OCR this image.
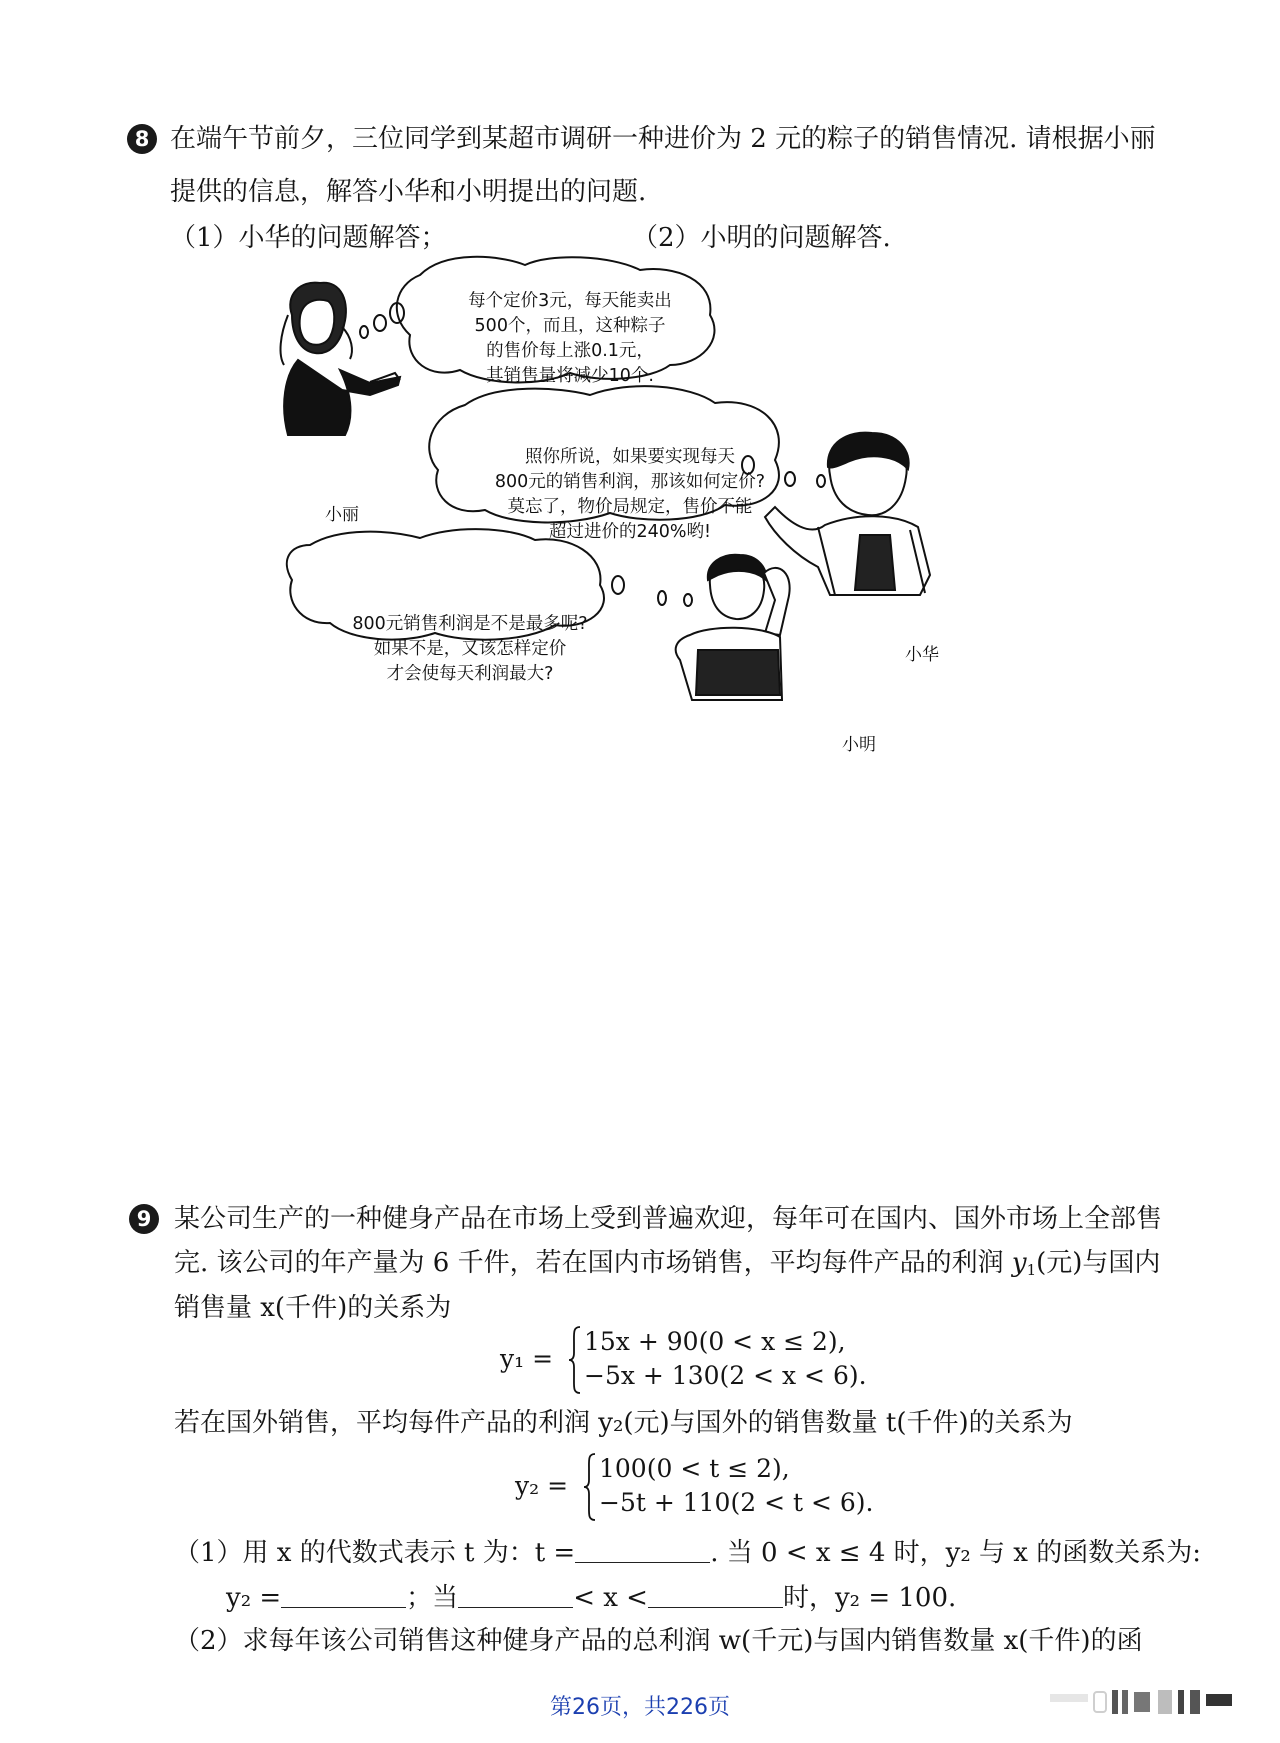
8 在端午节前夕，三位同学到某超市调研一种进价为 2 元的粽子的销售情况. 请根据小丽
提供的信息，解答小华和小明提出的问题.
（1）小华的问题解答；	（2）小明的问题解答.
每个定价3元，每天能卖出
500个，而且，这种粽子
的售价每上涨0.1元，
其销售量将减少10个.
照你所说，如果要实现每天
800元的销售利润，那该如何定价?
莫忘了，物价局规定，售价不能
超过进价的240%哟!
800元销售利润是不是最多呢?
如果不是，又该怎样定价
才会使每天利润最大?
小丽
小华
小明
9 某公司生产的一种健身产品在市场上受到普遍欢迎，每年可在国内、国外市场上全部售
完. 该公司的年产量为 6 千件，若在国内市场销售，平均每件产品的利润 $y_1$(元)与国内
销售量 x(千件)的关系为
y₁ =
15x + 90(0 < x ≤ 2),
−5x + 130(2 < x < 6).
若在国外销售，平均每件产品的利润 y₂(元)与国外的销售数量 t(千件)的关系为
y₂ =
100(0 < t ≤ 2),
−5t + 110(2 < t < 6).
（1）用 x 的代数式表示 t 为：t =	. 当 0 < x ≤ 4 时，y₂ 与 x 的函数关系为:
y₂ =	；当	< x <	时，y₂ = 100.
（2）求每年该公司销售这种健身产品的总利润 w(千元)与国内销售数量 x(千件)的函
第26页，共226页
